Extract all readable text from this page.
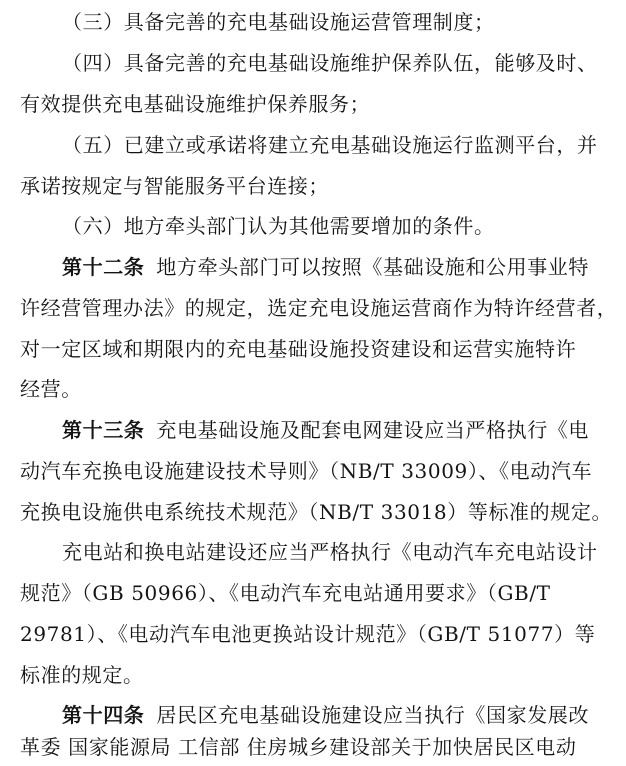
（三）具备完善的充电基础设施运营管理制度；
（四）具备完善的充电基础设施维护保养队伍，能够及时、
有效提供充电基础设施维护保养服务；
（五）已建立或承诺将建立充电基础设施运行监测平台，并
承诺按规定与智能服务平台连接；
（六）地方牵头部门认为其他需要增加的条件。
第十二条 地方牵头部门可以按照《基础设施和公用事业特
许经营管理办法》的规定，选定充电设施运营商作为特许经营者，
对一定区域和期限内的充电基础设施投资建设和运营实施特许
经营。
第十三条 充电基础设施及配套电网建设应当严格执行《电
动汽车充换电设施建设技术导则》（NB/T 33009）、《电动汽车
充换电设施供电系统技术规范》（NB/T 33018）等标准的规定。
充电站和换电站建设还应当严格执行《电动汽车充电站设计
规范》（GB 50966）、《电动汽车充电站通用要求》（GB/T
29781）、《电动汽车电池更换站设计规范》（GB/T 51077）等
标准的规定。
第十四条 居民区充电基础设施建设应当执行《国家发展改
革委 国家能源局 工信部 住房城乡建设部关于加快居民区电动
